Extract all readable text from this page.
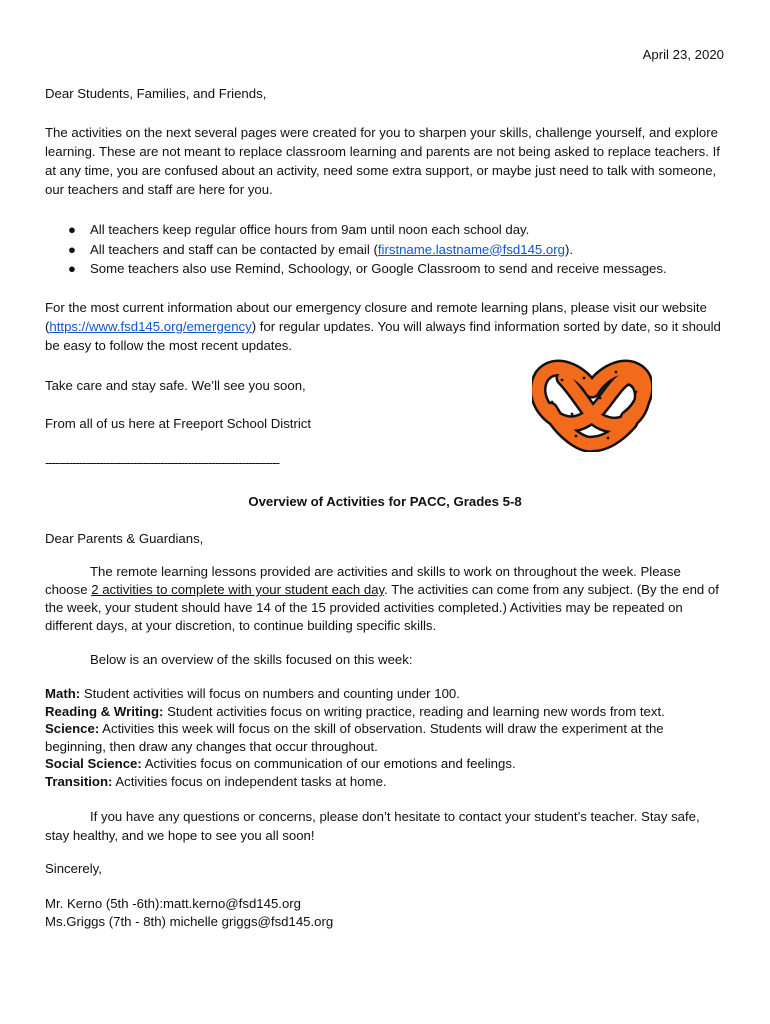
April 23, 2020

Dear Students, Families, and Friends,

The activities on the next several pages were created for you to sharpen your skills, challenge yourself, and explore learning. These are not meant to replace classroom learning and parents are not being asked to replace teachers. If at any time, you are confused about an activity, need some extra support, or maybe just need to talk with someone, our teachers and staff are here for you.

● All teachers keep regular office hours from 9am until noon each school day.
● All teachers and staff can be contacted by email (firstname.lastname@fsd145.org).
● Some teachers also use Remind, Schoology, or Google Classroom to send and receive messages.

For the most current information about our emergency closure and remote learning plans, please visit our website (https://www.fsd145.org/emergency) for regular updates. You will always find information sorted by date, so it should be easy to follow the most recent updates.

Take care and stay safe. We’ll see you soon,

From all of us here at Freeport School District

---------------------------------------------------------------------

Overview of Activities for PACC, Grades 5-8

Dear Parents & Guardians,

The remote learning lessons provided are activities and skills to work on throughout the week. Please choose 2 activities to complete with your student each day. The activities can come from any subject. (By the end of the week, your student should have 14 of the 15 provided activities completed.) Activities may be repeated on different days, at your discretion, to continue building specific skills.

Below is an overview of the skills focused on this week:

Math: Student activities will focus on numbers and counting under 100.

Reading & Writing: Student activities focus on writing practice, reading and learning new words from text.

Science: Activities this week will focus on the skill of observation. Students will draw the experiment at the beginning, then draw any changes that occur throughout.

Social Science: Activities focus on communication of our emotions and feelings.

Transition: Activities focus on independent tasks at home.

If you have any questions or concerns, please don’t hesitate to contact your student’s teacher. Stay safe, stay healthy, and we hope to see you all soon!

Sincerely,

Mr. Kerno (5th -6th):matt.kerno@fsd145.org

Ms.Griggs (7th - 8th) michelle griggs@fsd145.org
